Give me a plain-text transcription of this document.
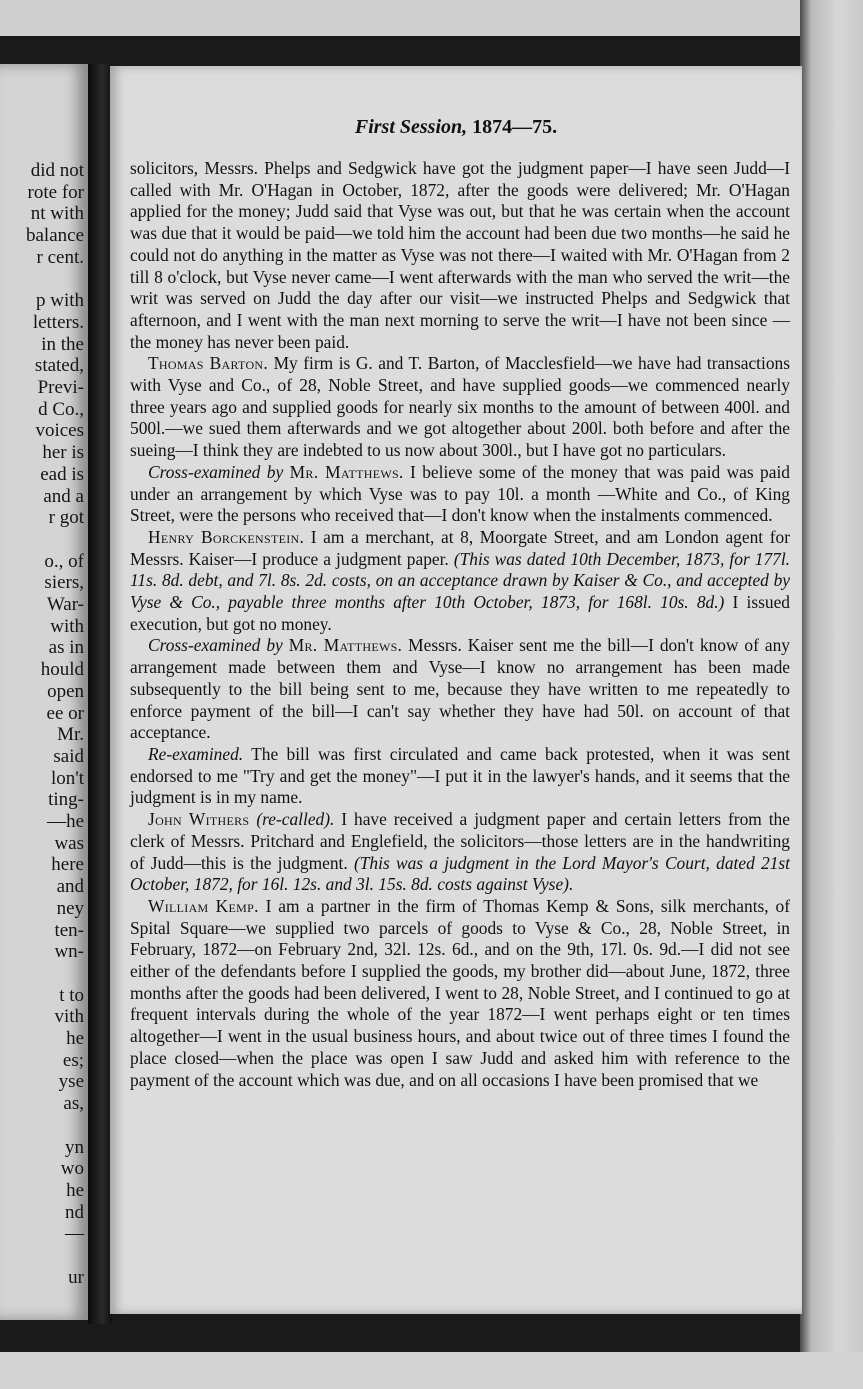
did not
rote for
nt with
balance
r cent.
p with
letters.
in the
stated,
Previ-
d Co.,
voices
her is
ead is
and a
r got
o., of
siers,
War-
with
as in
hould
open
ee or
Mr.
said
lon't
ting-
—he
was
here
and
ney
ten-
wn-
t to
vith
he
es;
yse
as,
yn
wo
he
nd
—
ur
First Session, 1874—75.

solicitors, Messrs. Phelps and Sedgwick have got the judgment paper—I have seen Judd—I called with Mr. O'Hagan in October, 1872, after the goods were delivered; Mr. O'Hagan applied for the money; Judd said that Vyse was out, but that he was certain when the account was due that it would be paid—we told him the account had been due two months—he said he could not do anything in the matter as Vyse was not there—I waited with Mr. O'Hagan from 2 till 8 o'clock, but Vyse never came—I went afterwards with the man who served the writ—the writ was served on Judd the day after our visit—we instructed Phelps and Sedgwick that afternoon, and I went with the man next morning to serve the writ—I have not been since —the money has never been paid.

Thomas Barton. My firm is G. and T. Barton, of Macclesfield—we have had transactions with Vyse and Co., of 28, Noble Street, and have supplied goods—we commenced nearly three years ago and supplied goods for nearly six months to the amount of between 400l. and 500l.—we sued them afterwards and we got altogether about 200l. both before and after the sueing—I think they are indebted to us now about 300l., but I have got no particulars.

Cross-examined by Mr. Matthews. I believe some of the money that was paid was paid under an arrangement by which Vyse was to pay 10l. a month —White and Co., of King Street, were the persons who received that—I don't know when the instalments commenced.

Henry Borckenstein. I am a merchant, at 8, Moorgate Street, and am London agent for Messrs. Kaiser—I produce a judgment paper. (This was dated 10th December, 1873, for 177l. 11s. 8d. debt, and 7l. 8s. 2d. costs, on an acceptance drawn by Kaiser & Co., and accepted by Vyse & Co., payable three months after 10th October, 1873, for 168l. 10s. 8d.) I issued execution, but got no money.

Cross-examined by Mr. Matthews. Messrs. Kaiser sent me the bill—I don't know of any arrangement made between them and Vyse—I know no arrangement has been made subsequently to the bill being sent to me, because they have written to me repeatedly to enforce payment of the bill—I can't say whether they have had 50l. on account of that acceptance.

Re-examined. The bill was first circulated and came back protested, when it was sent endorsed to me "Try and get the money"—I put it in the lawyer's hands, and it seems that the judgment is in my name.

John Withers (re-called). I have received a judgment paper and certain letters from the clerk of Messrs. Pritchard and Englefield, the solicitors—those letters are in the handwriting of Judd—this is the judgment. (This was a judgment in the Lord Mayor's Court, dated 21st October, 1872, for 16l. 12s. and 3l. 15s. 8d. costs against Vyse).

William Kemp. I am a partner in the firm of Thomas Kemp & Sons, silk merchants, of Spital Square—we supplied two parcels of goods to Vyse & Co., 28, Noble Street, in February, 1872—on February 2nd, 32l. 12s. 6d., and on the 9th, 17l. 0s. 9d.—I did not see either of the defendants before I supplied the goods, my brother did—about June, 1872, three months after the goods had been delivered, I went to 28, Noble Street, and I continued to go at frequent intervals during the whole of the year 1872—I went perhaps eight or ten times altogether—I went in the usual business hours, and about twice out of three times I found the place closed—when the place was open I saw Judd and asked him with reference to the payment of the account which was due, and on all occasions I have been promised that we
